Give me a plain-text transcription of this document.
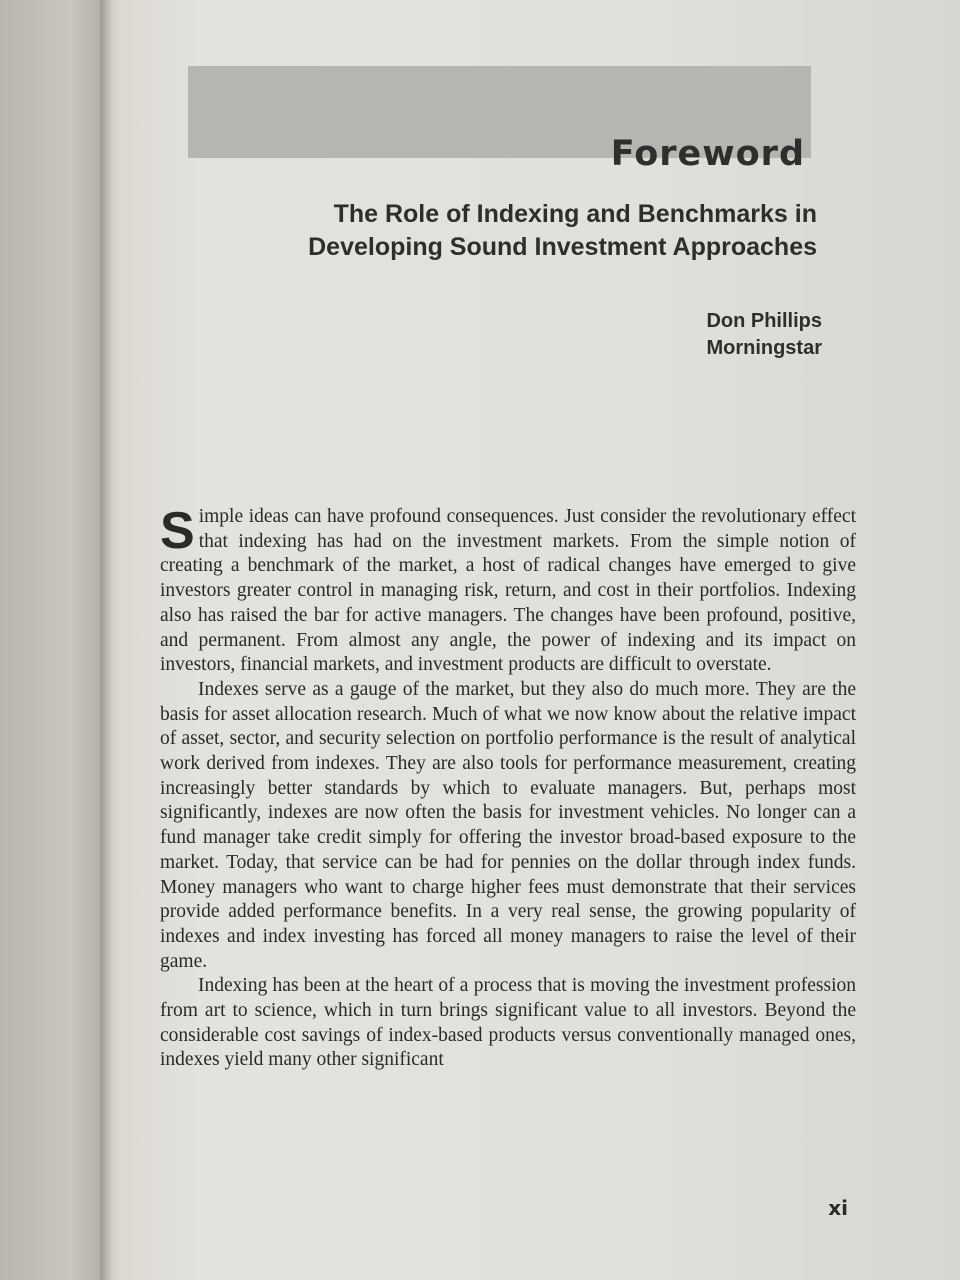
Foreword
The Role of Indexing and Benchmarks in
Developing Sound Investment Approaches
Don Phillips
Morningstar

Simple ideas can have profound consequences. Just consider the revolutionary effect that indexing has had on the investment markets. From the simple notion of creating a benchmark of the market, a host of radical changes have emerged to give investors greater control in managing risk, return, and cost in their portfolios. Indexing also has raised the bar for active managers. The changes have been profound, positive, and permanent. From almost any angle, the power of indexing and its impact on investors, financial markets, and investment products are difficult to overstate.

Indexes serve as a gauge of the market, but they also do much more. They are the basis for asset allocation research. Much of what we now know about the relative impact of asset, sector, and security selection on portfolio performance is the result of analytical work derived from indexes. They are also tools for performance measurement, creating increasingly better standards by which to evaluate managers. But, perhaps most significantly, indexes are now often the basis for investment vehicles. No longer can a fund manager take credit simply for offering the investor broad-based exposure to the market. Today, that service can be had for pennies on the dollar through index funds. Money managers who want to charge higher fees must demonstrate that their services provide added performance benefits. In a very real sense, the growing popularity of indexes and index investing has forced all money managers to raise the level of their game.

Indexing has been at the heart of a process that is moving the investment profession from art to science, which in turn brings significant value to all investors. Beyond the considerable cost savings of index-based products versus conventionally managed ones, indexes yield many other significant

xi
